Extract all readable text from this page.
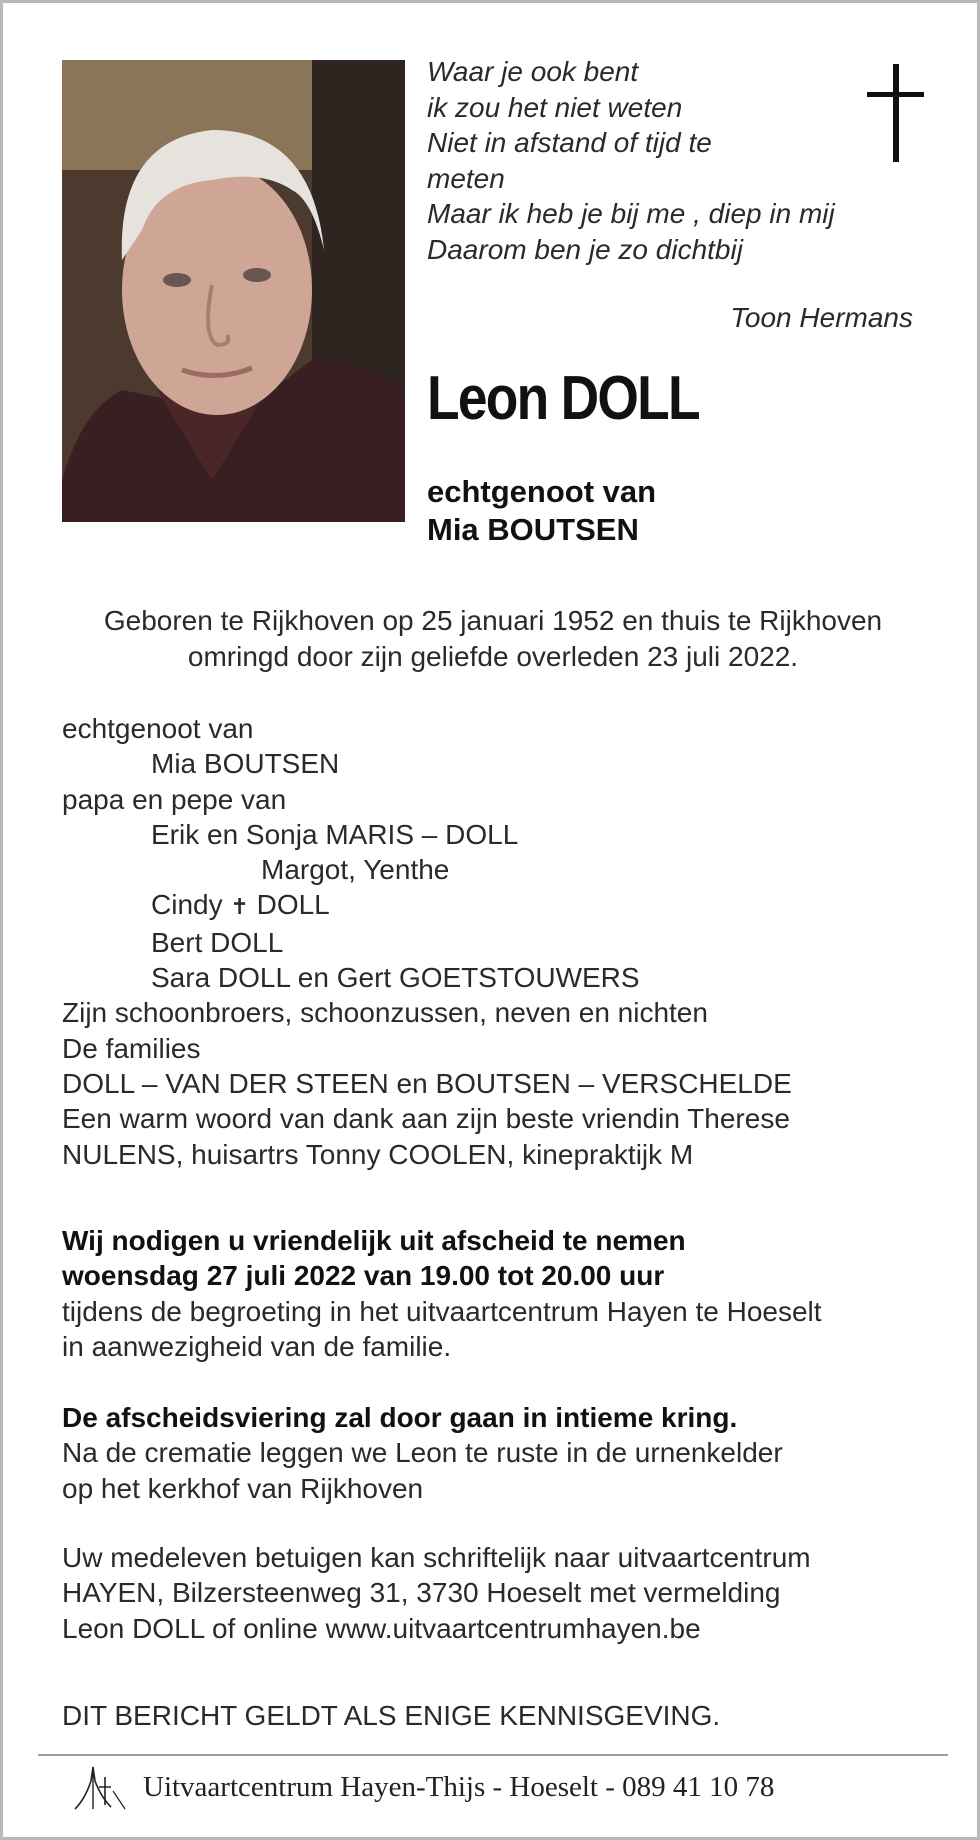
Waar je ook bent
ik zou het niet weten
Niet in afstand of tijd te
meten
Maar ik heb je bij me , diep in mij
Daarom ben je zo dichtbij
Toon Hermans
Leon DOLL
echtgenoot van
Mia BOUTSEN
Geboren te Rijkhoven op 25 januari 1952 en thuis te Rijkhoven
omringd door zijn geliefde overleden 23 juli 2022.
echtgenoot van
Mia BOUTSEN
papa en pepe van
Erik en Sonja MARIS – DOLL
Margot, Yenthe
Cindy ✝ DOLL
Bert DOLL
Sara DOLL en Gert GOETSTOUWERS
Zijn schoonbroers, schoonzussen, neven en nichten
De families
DOLL – VAN DER STEEN en BOUTSEN – VERSCHELDE
Een warm woord van dank aan zijn beste vriendin Therese
NULENS, huisartrs Tonny COOLEN, kinepraktijk M
Wij nodigen u vriendelijk uit afscheid te nemen
woensdag 27 juli 2022 van 19.00 tot 20.00 uur
tijdens de begroeting in het uitvaartcentrum Hayen te Hoeselt
in aanwezigheid van de familie.
De afscheidsviering zal door gaan in intieme kring.
Na de crematie leggen we Leon te ruste in de urnenkelder
op het kerkhof van Rijkhoven
Uw medeleven betuigen kan schriftelijk naar uitvaartcentrum
HAYEN, Bilzersteenweg 31, 3730 Hoeselt met vermelding
Leon DOLL of online www.uitvaartcentrumhayen.be
DIT BERICHT GELDT ALS ENIGE KENNISGEVING.
Uitvaartcentrum Hayen-Thijs - Hoeselt - 089 41 10 78
